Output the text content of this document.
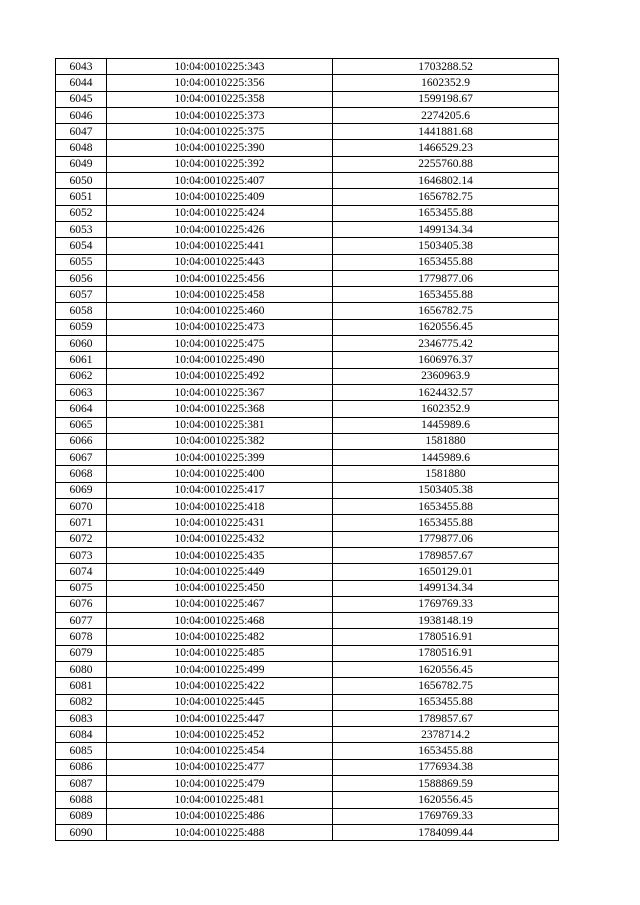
6043	10:04:0010225:343	1703288.52
6044	10:04:0010225:356	1602352.9
6045	10:04:0010225:358	1599198.67
6046	10:04:0010225:373	2274205.6
6047	10:04:0010225:375	1441881.68
6048	10:04:0010225:390	1466529.23
6049	10:04:0010225:392	2255760.88
6050	10:04:0010225:407	1646802.14
6051	10:04:0010225:409	1656782.75
6052	10:04:0010225:424	1653455.88
6053	10:04:0010225:426	1499134.34
6054	10:04:0010225:441	1503405.38
6055	10:04:0010225:443	1653455.88
6056	10:04:0010225:456	1779877.06
6057	10:04:0010225:458	1653455.88
6058	10:04:0010225:460	1656782.75
6059	10:04:0010225:473	1620556.45
6060	10:04:0010225:475	2346775.42
6061	10:04:0010225:490	1606976.37
6062	10:04:0010225:492	2360963.9
6063	10:04:0010225:367	1624432.57
6064	10:04:0010225:368	1602352.9
6065	10:04:0010225:381	1445989.6
6066	10:04:0010225:382	1581880
6067	10:04:0010225:399	1445989.6
6068	10:04:0010225:400	1581880
6069	10:04:0010225:417	1503405.38
6070	10:04:0010225:418	1653455.88
6071	10:04:0010225:431	1653455.88
6072	10:04:0010225:432	1779877.06
6073	10:04:0010225:435	1789857.67
6074	10:04:0010225:449	1650129.01
6075	10:04:0010225:450	1499134.34
6076	10:04:0010225:467	1769769.33
6077	10:04:0010225:468	1938148.19
6078	10:04:0010225:482	1780516.91
6079	10:04:0010225:485	1780516.91
6080	10:04:0010225:499	1620556.45
6081	10:04:0010225:422	1656782.75
6082	10:04:0010225:445	1653455.88
6083	10:04:0010225:447	1789857.67
6084	10:04:0010225:452	2378714.2
6085	10:04:0010225:454	1653455.88
6086	10:04:0010225:477	1776934.38
6087	10:04:0010225:479	1588869.59
6088	10:04:0010225:481	1620556.45
6089	10:04:0010225:486	1769769.33
6090	10:04:0010225:488	1784099.44
